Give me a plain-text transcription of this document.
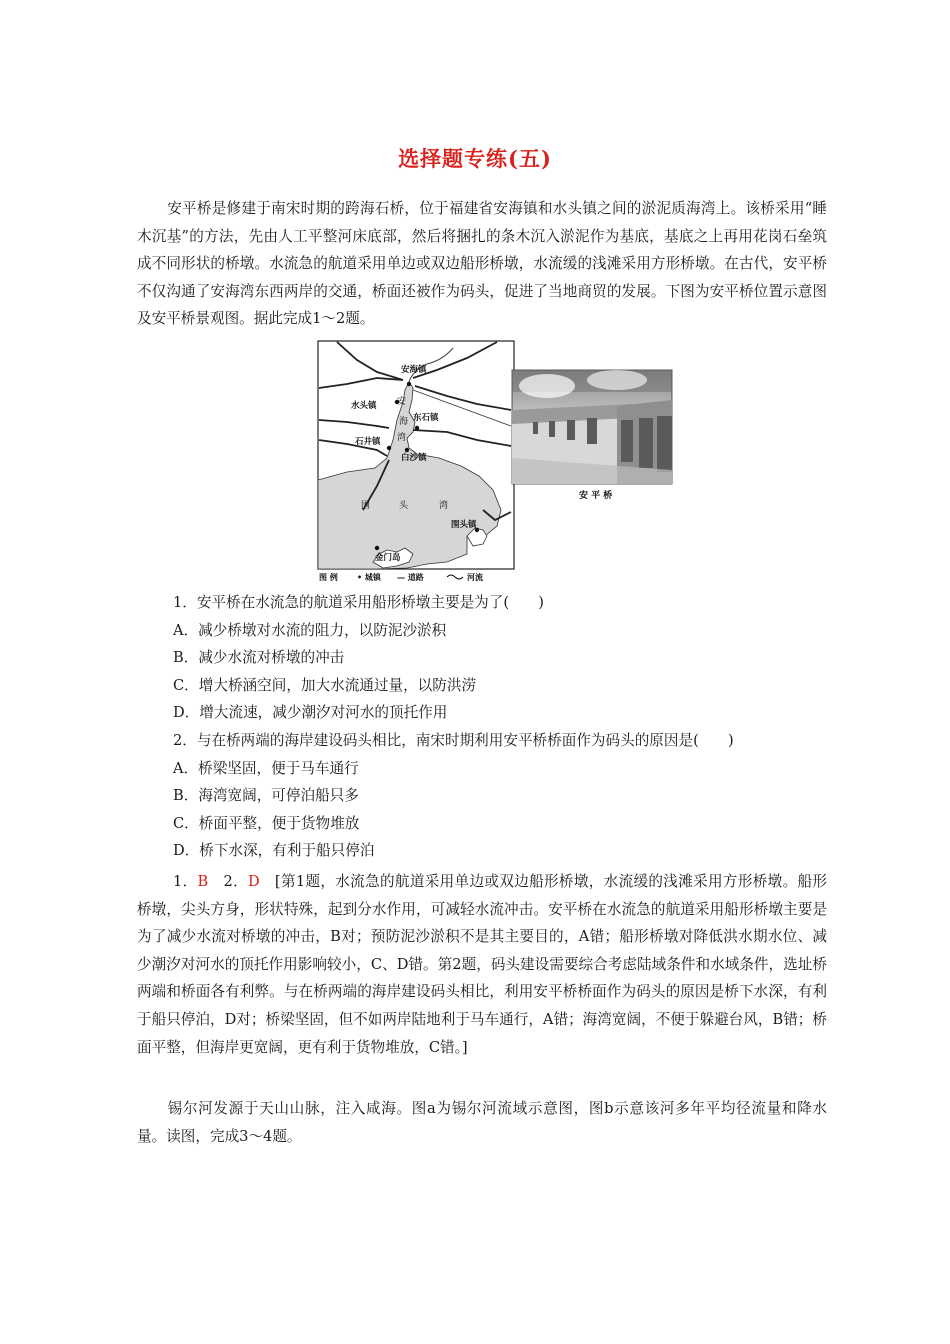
选择题专练(五)

安平桥是修建于南宋时期的跨海石桥，位于福建省安海镇和水头镇之间的淤泥质海湾上。该桥采用“睡木沉基”的方法，先由人工平整河床底部，然后将捆扎的条木沉入淤泥作为基底，基底之上再用花岗石垒筑成不同形状的桥墩。水流急的航道采用单边或双边船形桥墩，水流缓的浅滩采用方形桥墩。在古代，安平桥不仅沟通了安海湾东西两岸的交通，桥面还被作为码头，促进了当地商贸的发展。下图为安平桥位置示意图及安平桥景观图。据此完成1～2题。

安海镇
水头镇
东石镇
石井镇
白沙镇
围头镇
金门岛
安
海
湾
围	头	湾
图 例 • 城镇 — 道路	河流
安 平 桥
1．安平桥在水流急的航道采用船形桥墩主要是为了(　　)
A．减少桥墩对水流的阻力，以防泥沙淤积
B．减少水流对桥墩的冲击
C．增大桥涵空间，加大水流通过量，以防洪涝
D．增大流速，减少潮汐对河水的顶托作用
2．与在桥两端的海岸建设码头相比，南宋时期利用安平桥桥面作为码头的原因是(　　)
A．桥梁坚固，便于马车通行
B．海湾宽阔，可停泊船只多
C．桥面平整，便于货物堆放
D．桥下水深，有利于船只停泊

1．B　2．D　[第1题，水流急的航道采用单边或双边船形桥墩，水流缓的浅滩采用方形桥墩。船形桥墩，尖头方身，形状特殊，起到分水作用，可减轻水流冲击。安平桥在水流急的航道采用船形桥墩主要是为了减少水流对桥墩的冲击，B对；预防泥沙淤积不是其主要目的，A错；船形桥墩对降低洪水期水位、减少潮汐对河水的顶托作用影响较小，C、D错。第2题，码头建设需要综合考虑陆域条件和水域条件，选址桥两端和桥面各有利弊。与在桥两端的海岸建设码头相比，利用安平桥桥面作为码头的原因是桥下水深，有利于船只停泊，D对；桥梁坚固，但不如两岸陆地利于马车通行，A错；海湾宽阔，不便于躲避台风，B错；桥面平整，但海岸更宽阔，更有利于货物堆放，C错。]

锡尔河发源于天山山脉，注入咸海。图a为锡尔河流域示意图，图b示意该河多年平均径流量和降水量。读图，完成3～4题。
